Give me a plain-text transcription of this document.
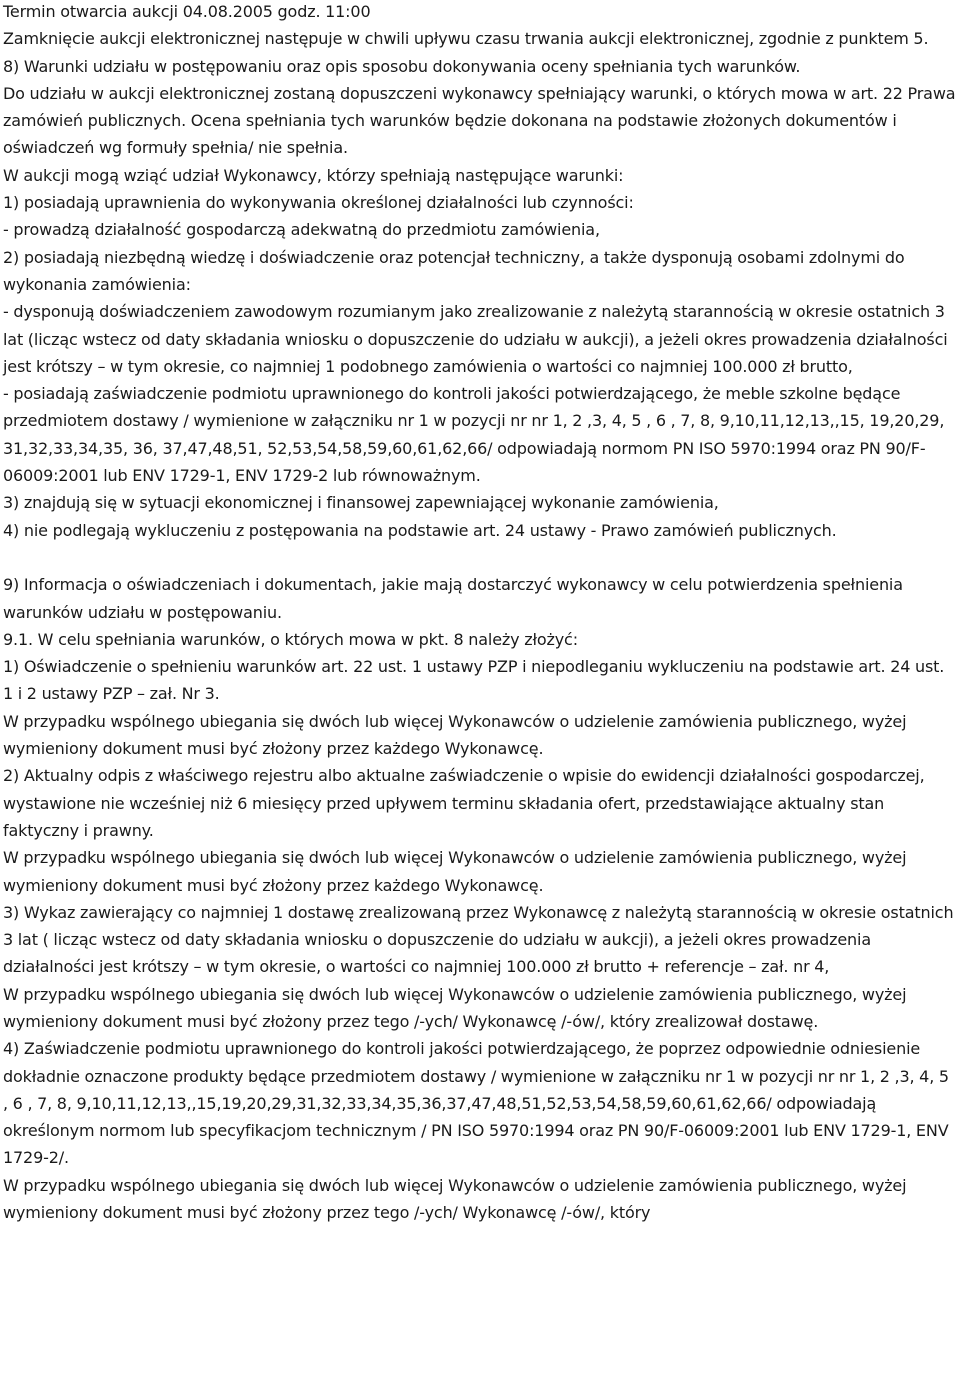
Termin otwarcia aukcji 04.08.2005 godz. 11:00

Zamknięcie aukcji elektronicznej następuje w chwili upływu czasu trwania aukcji elektronicznej, zgodnie z punktem 5.

8) Warunki udziału w postępowaniu oraz opis sposobu dokonywania oceny spełniania tych warunków.

Do udziału w aukcji elektronicznej zostaną dopuszczeni wykonawcy spełniający warunki, o których mowa w art. 22 Prawa zamówień publicznych. Ocena spełniania tych warunków będzie dokonana na podstawie złożonych dokumentów i oświadczeń wg formuły spełnia/ nie spełnia.

W aukcji mogą wziąć udział Wykonawcy, którzy spełniają następujące warunki:

1) posiadają uprawnienia do wykonywania określonej działalności lub czynności:

- prowadzą działalność gospodarczą adekwatną do przedmiotu zamówienia,

2) posiadają niezbędną wiedzę i doświadczenie oraz potencjał techniczny, a także dysponują osobami zdolnymi do wykonania zamówienia:

- dysponują doświadczeniem zawodowym rozumianym jako zrealizowanie z należytą starannością w okresie ostatnich 3 lat (licząc wstecz od daty składania wniosku o dopuszczenie do udziału w aukcji), a jeżeli okres prowadzenia działalności jest krótszy – w tym okresie, co najmniej 1 podobnego zamówienia o wartości co najmniej 100.000 zł brutto,

- posiadają zaświadczenie podmiotu uprawnionego do kontroli jakości potwierdzającego, że meble szkolne będące przedmiotem dostawy / wymienione w załączniku nr 1 w pozycji nr nr 1, 2 ,3, 4, 5 , 6 , 7, 8, 9,10,11,12,13,,15, 19,20,29, 31,32,33,34,35, 36, 37,47,48,51, 52,53,54,58,59,60,61,62,66/ odpowiadają normom PN ISO 5970:1994 oraz PN 90/F-06009:2001 lub ENV 1729-1, ENV 1729-2 lub równoważnym.

3) znajdują się w sytuacji ekonomicznej i finansowej zapewniającej wykonanie zamówienia,

4) nie podlegają wykluczeniu z postępowania na podstawie art. 24 ustawy - Prawo zamówień publicznych.

9) Informacja o oświadczeniach i dokumentach, jakie mają dostarczyć wykonawcy w celu potwierdzenia spełnienia warunków udziału w postępowaniu.

9.1. W celu spełniania warunków, o których mowa w pkt. 8 należy złożyć:

1) Oświadczenie o spełnieniu warunków art. 22 ust. 1 ustawy PZP i niepodleganiu wykluczeniu na podstawie art. 24 ust. 1 i 2 ustawy PZP – zał. Nr 3.

W przypadku wspólnego ubiegania się dwóch lub więcej Wykonawców o udzielenie zamówienia publicznego, wyżej wymieniony dokument musi być złożony przez każdego Wykonawcę.

2) Aktualny odpis z właściwego rejestru albo aktualne zaświadczenie o wpisie do ewidencji działalności gospodarczej, wystawione nie wcześniej niż 6 miesięcy przed upływem terminu składania ofert, przedstawiające aktualny stan faktyczny i prawny.

W przypadku wspólnego ubiegania się dwóch lub więcej Wykonawców o udzielenie zamówienia publicznego, wyżej wymieniony dokument musi być złożony przez każdego Wykonawcę.

3) Wykaz zawierający co najmniej 1 dostawę zrealizowaną przez Wykonawcę z należytą starannością w okresie ostatnich 3 lat ( licząc wstecz od daty składania wniosku o dopuszczenie do udziału w aukcji), a jeżeli okres prowadzenia działalności jest krótszy – w tym okresie, o wartości co najmniej 100.000 zł brutto + referencje – zał. nr 4,

W przypadku wspólnego ubiegania się dwóch lub więcej Wykonawców o udzielenie zamówienia publicznego, wyżej wymieniony dokument musi być złożony przez tego /-ych/ Wykonawcę /-ów/, który zrealizował dostawę.

4) Zaświadczenie podmiotu uprawnionego do kontroli jakości potwierdzającego, że poprzez odpowiednie odniesienie dokładnie oznaczone produkty będące przedmiotem dostawy / wymienione w załączniku nr 1 w pozycji nr nr 1, 2 ,3, 4, 5 , 6 , 7, 8, 9,10,11,12,13,,15,19,20,29,31,32,33,34,35,36,37,47,48,51,52,53,54,58,59,60,61,62,66/ odpowiadają określonym normom lub specyfikacjom technicznym / PN ISO 5970:1994 oraz PN 90/F-06009:2001 lub ENV 1729-1, ENV 1729-2/.

W przypadku wspólnego ubiegania się dwóch lub więcej Wykonawców o udzielenie zamówienia publicznego, wyżej wymieniony dokument musi być złożony przez tego /-ych/ Wykonawcę /-ów/, który
